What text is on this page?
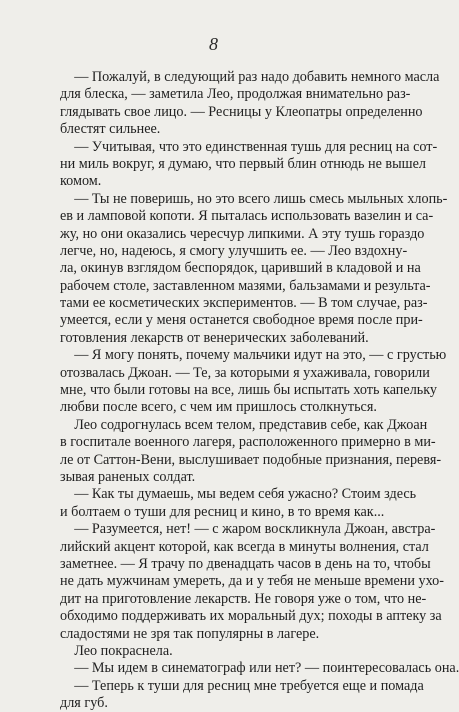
8
— Пожалуй, в следующий раз надо добавить немного масла
для блеска, — заметила Лео, продолжая внимательно раз-
глядывать свое лицо. — Ресницы у Клеопатры определенно
блестят сильнее.
— Учитывая, что это единственная тушь для ресниц на сот-
ни миль вокруг, я думаю, что первый блин отнюдь не вышел
комом.
— Ты не поверишь, но это всего лишь смесь мыльных хлопь-
ев и ламповой копоти. Я пыталась использовать вазелин и са-
жу, но они оказались чересчур липкими. А эту тушь гораздо
легче, но, надеюсь, я смогу улучшить ее. — Лео вздохну-
ла, окинув взглядом беспорядок, царивший в кладовой и на
рабочем столе, заставленном мазями, бальзамами и результа-
тами ее косметических экспериментов. — В том случае, раз-
умеется, если у меня останется свободное время после при-
готовления лекарств от венерических заболеваний.
— Я могу понять, почему мальчики идут на это, — с грустью
отозвалась Джоан. — Те, за которыми я ухаживала, говорили
мне, что были готовы на все, лишь бы испытать хоть капельку
любви после всего, с чем им пришлось столкнуться.
Лео содрогнулась всем телом, представив себе, как Джоан
в госпитале военного лагеря, расположенного примерно в ми-
ле от Саттон-Вени, выслушивает подобные признания, перевя-
зывая раненых солдат.
— Как ты думаешь, мы ведем себя ужасно? Стоим здесь
и болтаем о туши для ресниц и кино, в то время как...
— Разумеется, нет! — с жаром воскликнула Джоан, австра-
лийский акцент которой, как всегда в минуты волнения, стал
заметнее. — Я трачу по двенадцать часов в день на то, чтобы
не дать мужчинам умереть, да и у тебя не меньше времени ухо-
дит на приготовление лекарств. Не говоря уже о том, что не-
обходимо поддерживать их моральный дух; походы в аптеку за
сладостями не зря так популярны в лагере.
Лео покраснела.
— Мы идем в синематограф или нет? — поинтересовалась она.
— Теперь к туши для ресниц мне требуется еще и помада
для губ.
